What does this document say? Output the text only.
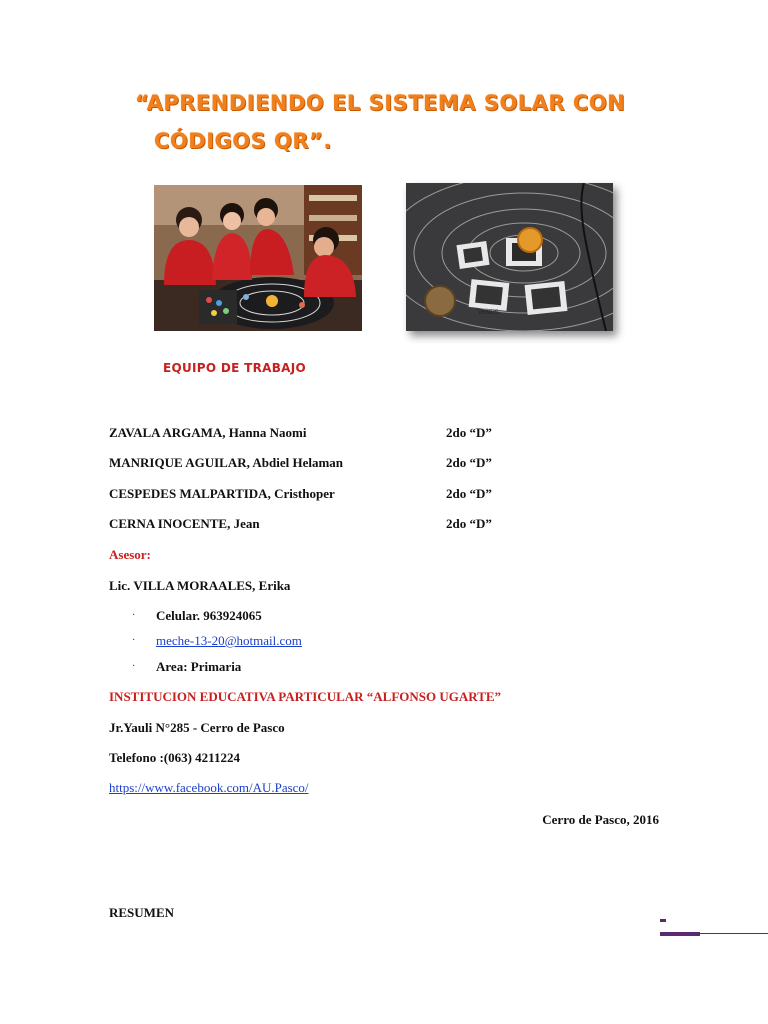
“APRENDIENDO EL SISTEMA SOLAR CON
CÓDIGOS QR”.
VENUS
EQUIPO DE TRABAJO
ZAVALA ARGAMA, Hanna Naomi	2do “D”
MANRIQUE AGUILAR, Abdiel Helaman	2do “D”
CESPEDES MALPARTIDA, Cristhoper	2do “D”
CERNA INOCENTE, Jean	2do “D”
Asesor:
Lic. VILLA MORAALES, Erika
· Celular. 963924065
· meche-13-20@hotmail.com
· Area: Primaria
INSTITUCION EDUCATIVA PARTICULAR “ALFONSO UGARTE”
Jr.Yauli N°285 - Cerro de Pasco
Telefono :(063) 4211224
https://www.facebook.com/AU.Pasco/
Cerro de Pasco, 2016
RESUMEN
